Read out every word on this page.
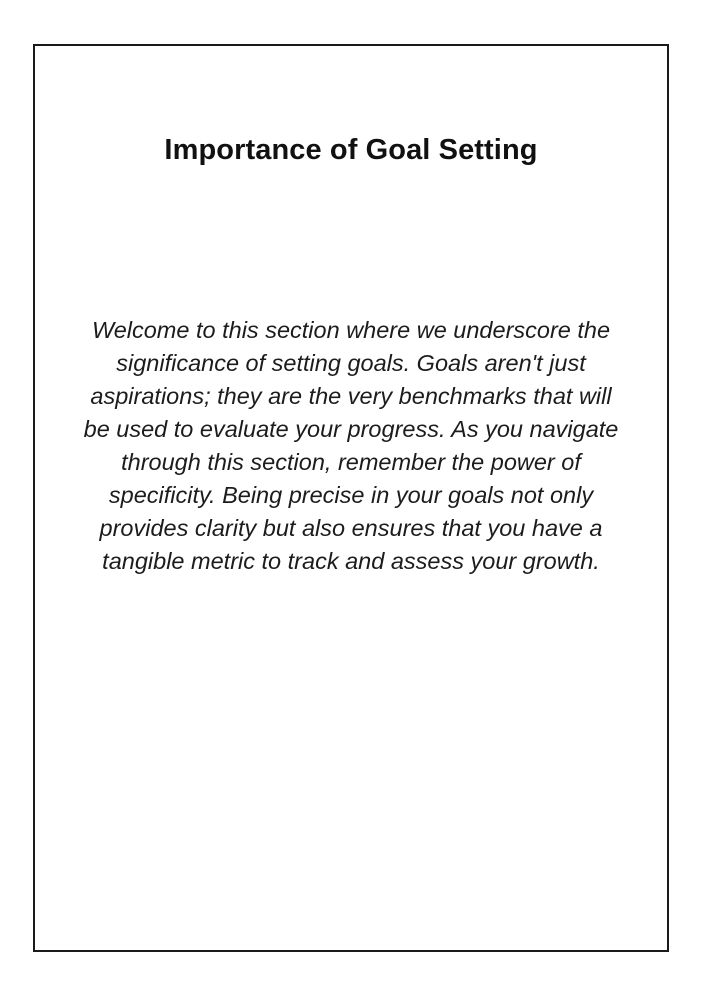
Importance of Goal Setting

Welcome to this section where we underscore the significance of setting goals. Goals aren't just aspirations; they are the very benchmarks that will be used to evaluate your progress. As you navigate through this section, remember the power of specificity. Being precise in your goals not only provides clarity but also ensures that you have a tangible metric to track and assess your growth.
